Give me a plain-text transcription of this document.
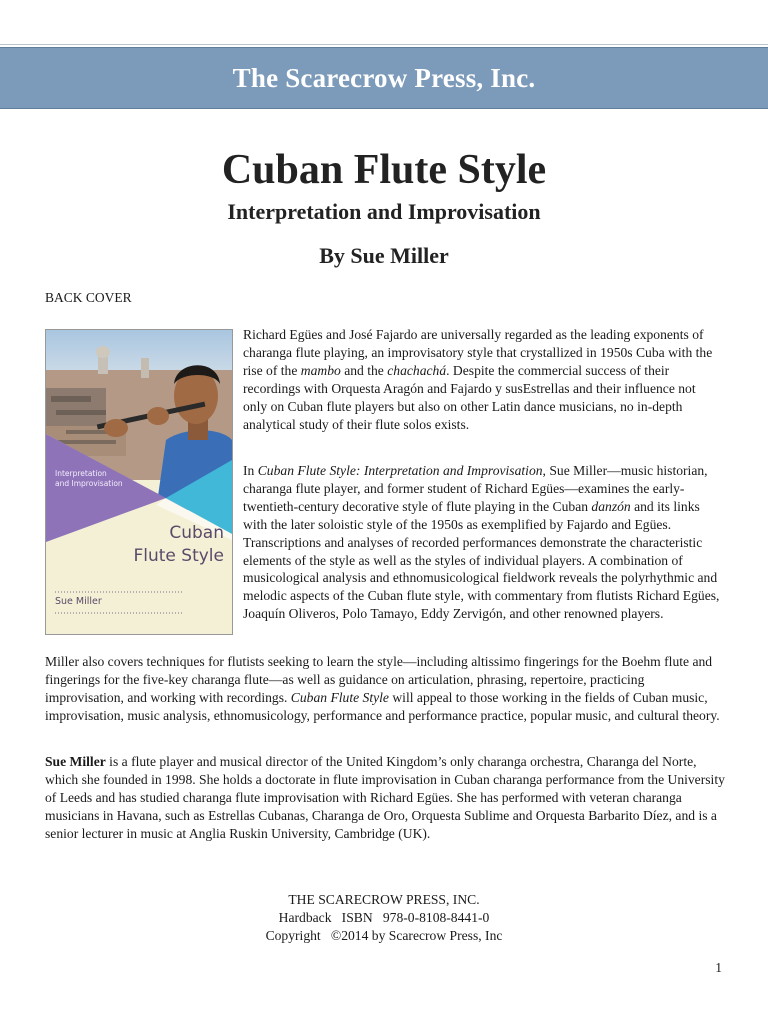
The Scarecrow Press, Inc.
Cuban Flute Style
Interpretation and Improvisation
By Sue Miller
BACK COVER
Interpretation
and Improvisation
Cuban
Flute Style
Sue Miller

Richard Egües and José Fajardo are universally regarded as the leading exponents of charanga flute playing, an improvisatory style that crystallized in 1950s Cuba with the rise of the mambo and the chachachá. Despite the commercial success of their recordings with Orquesta Aragón and Fajardo y susEstrellas and their influence not only on Cuban flute players but also on other Latin dance musicians, no in-depth analytical study of their flute solos exists.

In Cuban Flute Style: Interpretation and Improvisation, Sue Miller—music historian, charanga flute player, and former student of Richard Egües—examines the early-twentieth-century decorative style of flute playing in the Cuban danzón and its links with the later soloistic style of the 1950s as exemplified by Fajardo and Egües. Transcriptions and analyses of recorded performances demonstrate the characteristic elements of the style as well as the styles of individual players. A combination of musicological analysis and ethnomusicological fieldwork reveals the polyrhythmic and melodic aspects of the Cuban flute style, with commentary from flutists Richard Egües, Joaquín Oliveros, Polo Tamayo, Eddy Zervigón, and other renowned players.

Miller also covers techniques for flutists seeking to learn the style—including altissimo fingerings for the Boehm flute and fingerings for the five-key charanga flute—as well as guidance on articulation, phrasing, repertoire, practicing improvisation, and working with recordings. Cuban Flute Style will appeal to those working in the fields of Cuban music, improvisation, music analysis, ethnomusicology, performance and performance practice, popular music, and cultural theory.

Sue Miller is a flute player and musical director of the United Kingdom’s only charanga orchestra, Charanga del Norte, which she founded in 1998. She holds a doctorate in flute improvisation in Cuban charanga performance from the University of Leeds and has studied charanga flute improvisation with Richard Egües. She has performed with veteran charanga musicians in Havana, such as Estrellas Cubanas, Charanga de Oro, Orquesta Sublime and Orquesta Barbarito Díez, and is a senior lecturer in music at Anglia Ruskin University, Cambridge (UK).

THE SCARECROW PRESS, INC.
Hardback   ISBN   978-0-8108-8441-0
Copyright   ©2014 by Scarecrow Press, Inc
1
